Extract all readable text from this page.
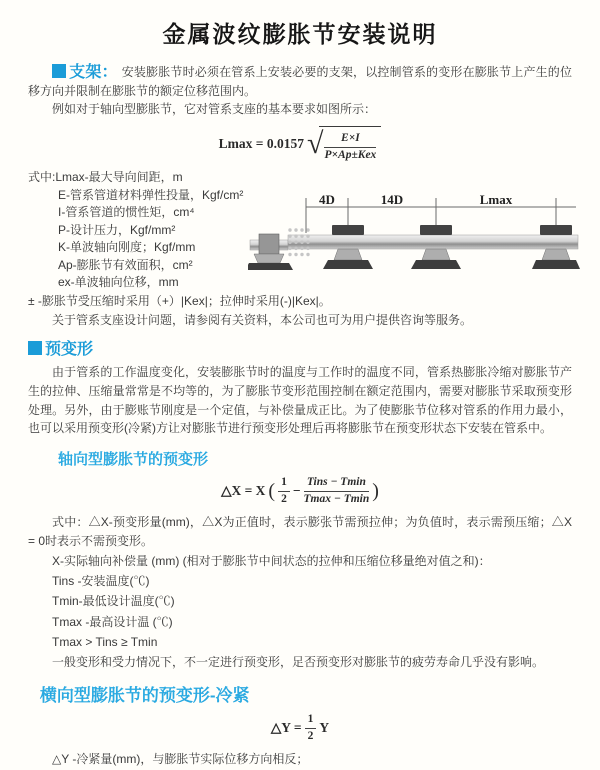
金属波纹膨胀节安装说明

支架： 安装膨胀节时必须在管系上安装必要的支架，以控制管系的变形在膨胀节上产生的位移方向并限制在膨胀节的额定位移范围内。

例如对于轴向型膨胀节，它对管系支座的基本要求如图所示：

Lmax = 0.0157 √ $\frac{E\times I}{\text{P×Ap±Kex}}$
式中:Lmax-最大导向间距，m
E-管系管道材料弹性投量，Kgf/cm²
I-管系管道的惯性矩，cm⁴
P-设计压力，Kgf/mm²
K-单波轴向刚度；Kgf/mm
Ap-膨胀节有效面积，cm²
ex-单波轴向位移，mm
4D	14D	Lmax
± -膨胀节受压缩时采用（+）|Kex|；拉伸时采用(-)|Kex|。
关于管系支座设计问题，请参阅有关资料，本公司也可为用户提供咨询等服务。
预变形

由于管系的工作温度变化，安装膨胀节时的温度与工作时的温度不同，管系热膨胀冷缩对膨胀节产生的拉伸、压缩量常常是不均等的，为了膨胀节变形范围控制在额定范围内，需要对膨胀节采取预变形处理。另外，由于膨账节刚度是一个定值，与补偿量成正比。为了使膨胀节位移对管系的作用力最小，也可以采用预变形(冷紧)方让对膨胀节进行预变形处理后再将膨胀节在预变形状态下安装在管系中。

轴向型膨胀节的预变形
△X = X ( $\frac{1}{2} - \frac{\text{Tins − Tmin}}{Tmax - Tmin}$ )

式中：△X-预变形量(mm)，△X为正值时，表示膨张节需预拉伸；为负值时，表示需预压缩；△X = 0时表示不需预变形。

X-实际轴向补偿量 (mm) (相对于膨胀节中间状态的拉伸和压缩位移量绝对值之和)：
Tins -安装温度(℃)
Tmin-最低设计温度(℃)
Tmax -最高设计温 (℃)
Tmax > Tins ≥ Tmin
一般变形和受力情况下，不一定进行预变形，足否预变形对膨胀节的疲劳寿命几乎没有影响。
横向型膨胀节的预变形-冷紧
△Y = $\frac{1}{2}$ Y
△Y -冷紧量(mm)，与膨胀节实际位移方向相反；
